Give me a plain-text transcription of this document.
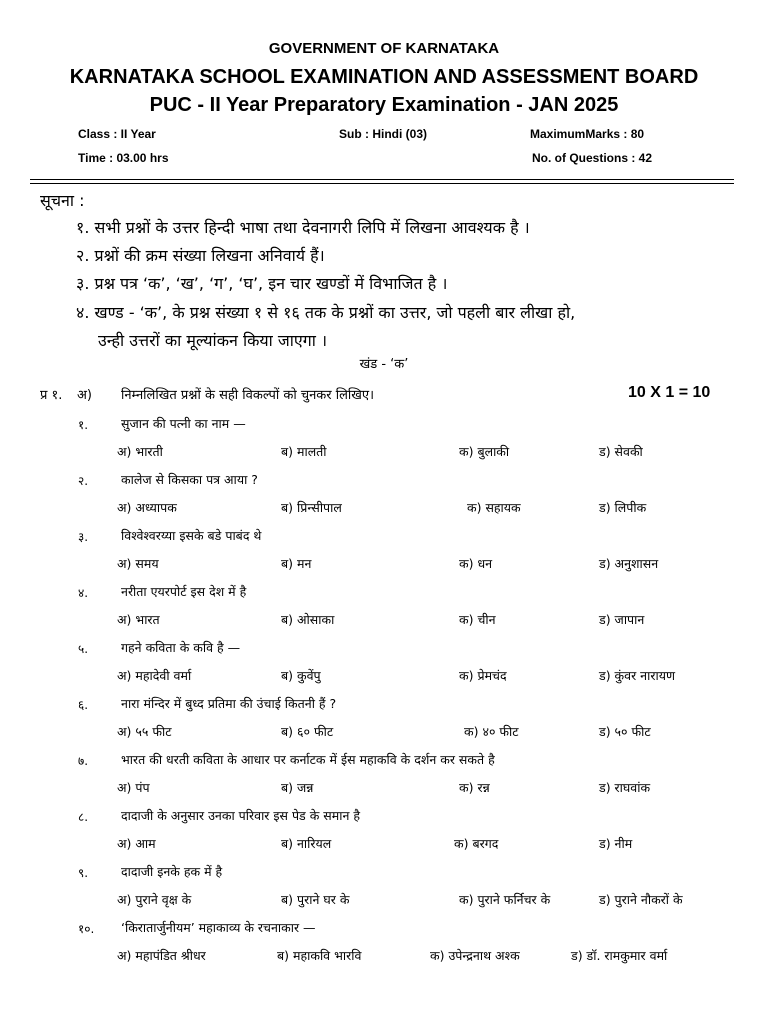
GOVERNMENT OF KARNATAKA
KARNATAKA SCHOOL EXAMINATION AND ASSESSMENT BOARD
PUC - II Year Preparatory Examination - JAN 2025
Class : II Year	Sub : Hindi (03)	MaximumMarks : 80
Time : 03.00 hrs	No. of Questions : 42
सूचना :
१. सभी प्रश्नों के उत्तर हिन्दी भाषा तथा देवनागरी लिपि में लिखना आवश्यक है ।
२. प्रश्नों की क्रम संख्या लिखना अनिवार्य हैं।
३. प्रश्न पत्र ‘क’, ‘ख’, ‘ग’, ‘घ’, इन चार खण्डों में विभाजित है ।
४. खण्ड - ‘क’, के प्रश्न संख्या १ से १६ तक के प्रश्नों का उत्तर, जो पहली बार लीखा हो,
उन्ही उत्तरों का मूल्यांकन किया जाएगा ।
खंड - ‘क’
प्र १. अ) निम्नलिखित प्रश्नों के सही विकल्पों को चुनकर लिखिए।	10 X 1 = 10
१.	सुजान की पत्नी का नाम —
अ) भारती	ब) मालती	क) बुलाकी	ड) सेवकी
२.	कालेज से किसका पत्र आया ?
अ) अध्यापक	ब) प्रिन्सीपाल	क) सहायक	ड) लिपीक
३.	विश्वेश्वरय्या इसके बडे पाबंद थे
अ) समय	ब) मन	क) धन	ड) अनुशासन
४.	नरीता एयरपोर्ट इस देश में है
अ) भारत	ब) ओसाका	क) चीन	ड) जापान
५.	गहने कविता के कवि है —
अ) महादेवी वर्मा	ब) कुवेंपु	क) प्रेमचंद	ड) कुंवर नारायण
६.	नारा मंन्दिर में बुध्द प्रतिमा की उंचाई कितनी हैं ?
अ) ५५ फीट	ब) ६० फीट	क) ४० फीट	ड) ५० फीट
७.	भारत की धरती कविता के आधार पर कर्नाटक में ईस महाकवि के दर्शन कर सकते है
अ) पंप	ब) जन्न	क) रन्न	ड) राघवांक
८.	दादाजी के अनुसार उनका परिवार इस पेड के समान है
अ) आम	ब) नारियल	क) बरगद	ड) नीम
९.	दादाजी इनके हक में है
अ) पुराने वृक्ष के	ब) पुराने घर के	क) पुराने फर्निचर के	ड) पुराने नौकरों के
१०. ‘किरातार्जुनीयम’ महाकाव्य के रचनाकार —
अ) महापंडित श्रीधर	ब) महाकवि भारवि	क) उपेन्द्रनाथ अश्क	ड) डॉ. रामकुमार वर्मा
